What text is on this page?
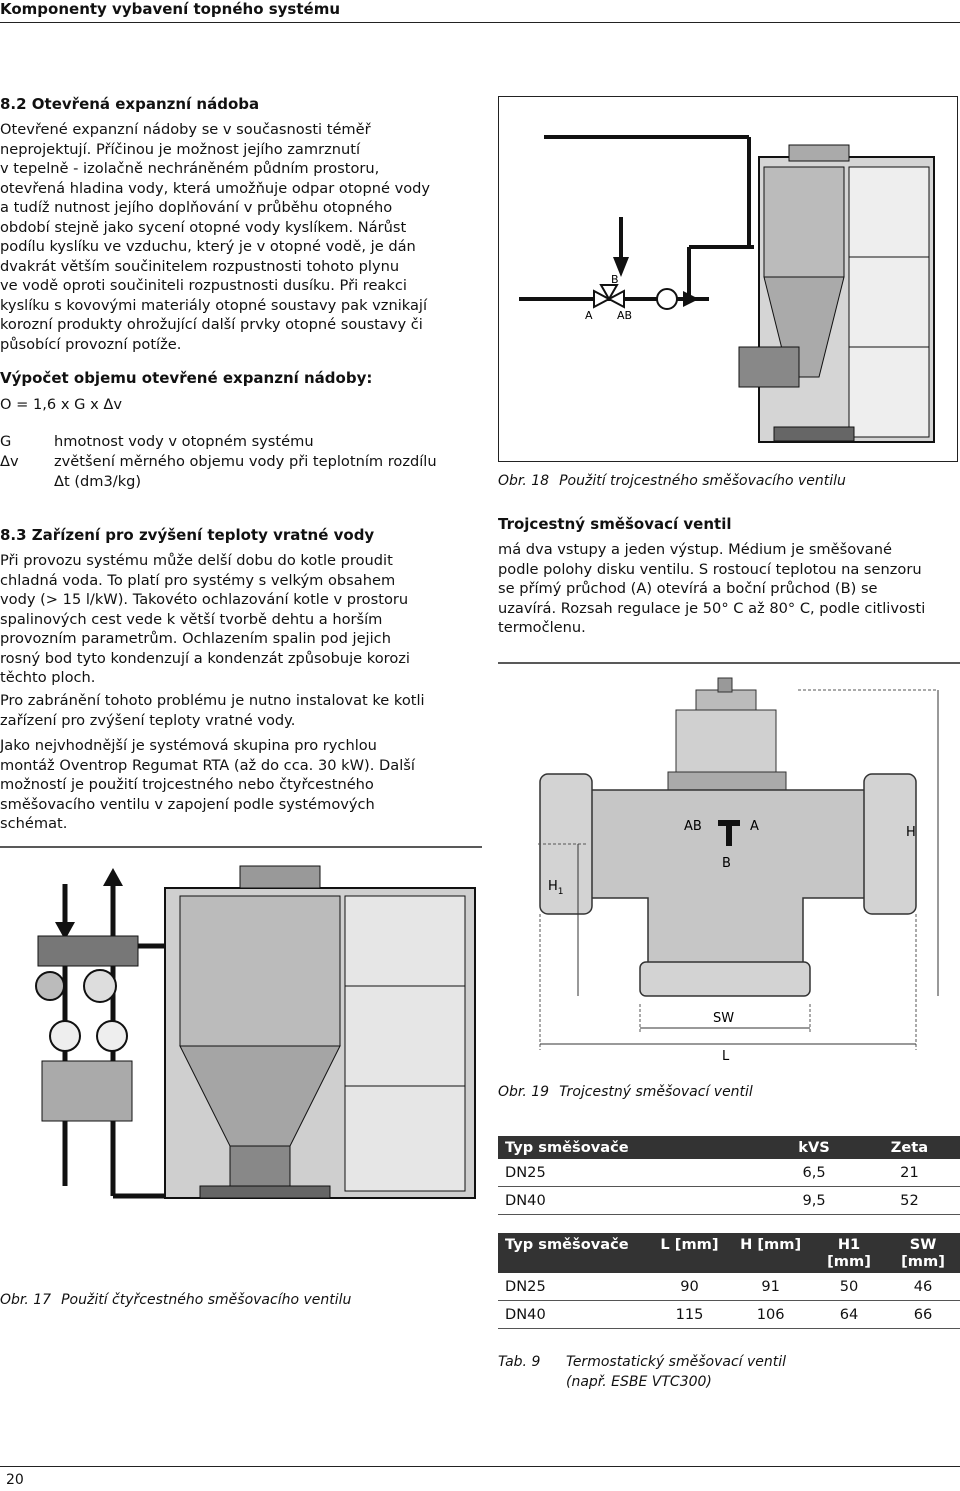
Komponenty vybavení topného systému
8.2 Otevřená expanzní nádoba
Otevřené expanzní nádoby se v současnosti téměř
neprojektují. Příčinou je možnost jejího zamrznutí
v tepelně - izolačně nechráněném půdním prostoru,
otevřená hladina vody, která umožňuje odpar otopné vody
a tudíž nutnost jejího doplňování v průběhu otopného
období stejně jako sycení otopné vody kyslíkem. Nárůst
podílu kyslíku ve vzduchu, který je v otopné vodě, je dán
dvakrát větším součinitelem rozpustnosti tohoto plynu
ve vodě oproti součiniteli rozpustnosti dusíku. Při reakci
kyslíku s kovovými materiály otopné soustavy pak vznikají
korozní produkty ohrožující další prvky otopné soustavy či
působící provozní potíže.
Výpočet objemu otevřené expanzní nádoby:
O = 1,6 x G x Δv
G	hmotnost vody v otopném systému
Δv zvětšení měrného objemu vody při teplotním rozdílu
Δt (dm3/kg)
8.3 Zařízení pro zvýšení teploty vratné vody
Při provozu systému může delší dobu do kotle proudit
chladná voda. To platí pro systémy s velkým obsahem
vody (> 15 l/kW). Takovéto ochlazování kotle v prostoru
spalinových cest vede k větší tvorbě dehtu a horším
provozním parametrům. Ochlazením spalin pod jejich
rosný bod tyto kondenzují a kondenzát způsobuje korozi
těchto ploch.
Pro zabránění tohoto problému je nutno instalovat ke kotli
zařízení pro zvýšení teploty vratné vody.
Jako nejvhodnější je systémová skupina pro rychlou
montáž Oventrop Regumat RTA (až do cca. 30 kW). Další
možností je použití trojcestného nebo čtyřcestného
směšovacího ventilu v zapojení podle systémových
schémat.
Obr. 17 Použití čtyřcestného směšovacího ventilu
B
A AB
Obr. 18 Použití trojcestného směšovacího ventilu
Trojcestný směšovací ventil
má dva vstupy a jeden výstup. Médium je směšované
podle polohy disku ventilu. S rostoucí teplotou na senzoru
se přímý průchod (A) otevírá a boční průchod (B) se
uzavírá. Rozsah regulace je 50° C až 80° C, podle citlivosti
termočlenu.
AB	A
B
H
$H_1$
SW
L
Obr. 19 Trojcestný směšovací ventil
Typ směšovače	kVS	Zeta
DN25	6,5	21
DN40	9,5	52
Typ směšovače	L [mm]	H [mm]	H1 [mm]	SW [mm]
DN25	90	91	50	46
DN40	115	106	64	66
Tab. 9 Termostatický směšovací ventil
(např. ESBE VTC300)
20
